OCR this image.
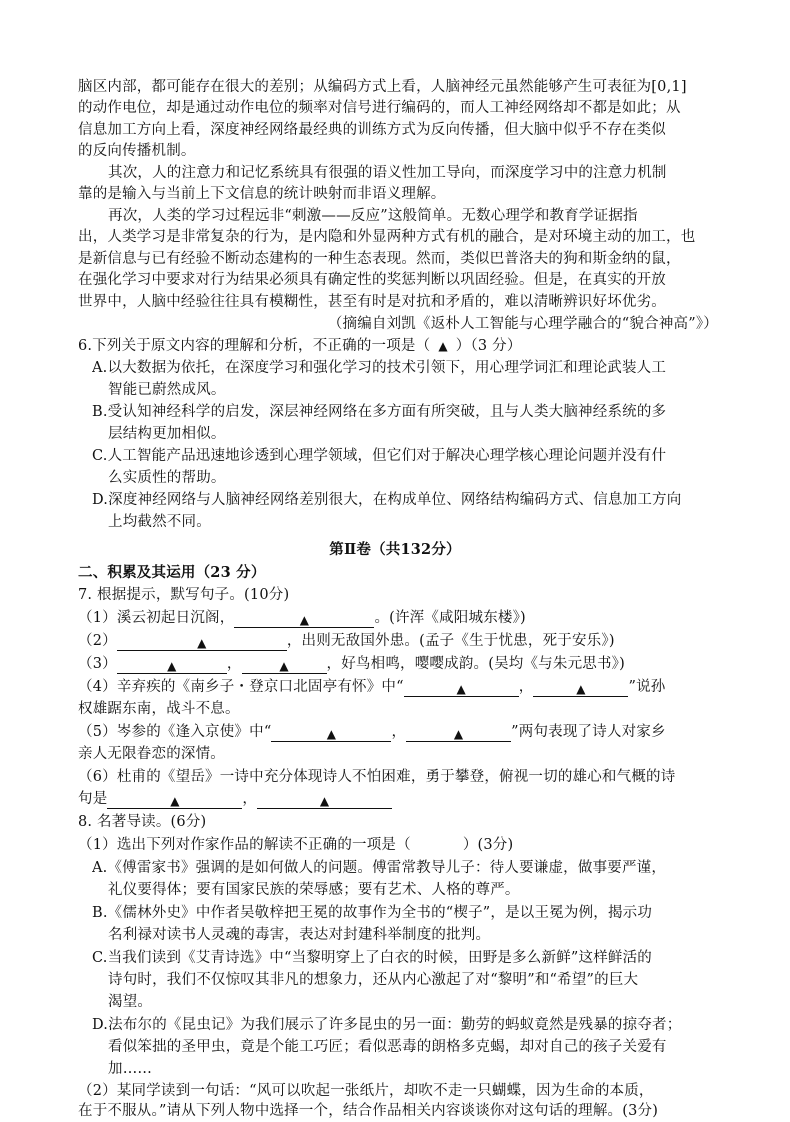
脑区内部，都可能存在很大的差别；从编码方式上看，人脑神经元虽然能够产生可表征为[0,1]
的动作电位，却是通过动作电位的频率对信号进行编码的，而人工神经网络却不都是如此；从
信息加工方向上看，深度神经网络最经典的训练方式为反向传播，但大脑中似乎不存在类似
的反向传播机制。
其次，人的注意力和记忆系统具有很强的语义性加工导向，而深度学习中的注意力机制
靠的是输入与当前上下文信息的统计映射而非语义理解。
再次，人类的学习过程远非“刺激——反应”这般简单。无数心理学和教育学证据指
出，人类学习是非常复杂的行为，是内隐和外显两种方式有机的融合，是对环境主动的加工，也
是新信息与已有经验不断动态建构的一种生态表现。然而，类似巴普洛夫的狗和斯金纳的鼠，
在强化学习中要求对行为结果必须具有确定性的奖惩判断以巩固经验。但是，在真实的开放
世界中，人脑中经验往往具有模糊性，甚至有时是对抗和矛盾的，难以清晰辨识好坏优劣。
（摘编自刘凯《返朴人工智能与心理学融合的“貌合神高”》）
6.下列关于原文内容的理解和分析，不正确的一项是（ ▲ ）（3 分）
A.以大数据为依托，在深度学习和强化学习的技术引领下，用心理学词汇和理论武装人工
智能已蔚然成风。
B.受认知神经科学的启发，深层神经网络在多方面有所突破，且与人类大脑神经系统的多
层结构更加相似。
C.人工智能产品迅速地诊透到心理学领域，但它们对于解决心理学核心理论问题并没有什
么实质性的帮助。
D.深度神经网络与人脑神经网络差别很大，在构成单位、网络结构编码方式、信息加工方向
上均截然不同。
第Ⅱ卷（共132分）
二、积累及其运用（23 分）
7. 根据提示，默写句子。(10分)
（1）溪云初起日沉阁，	▲	。(许浑《咸阳城东楼》)
（2）	▲	，出则无敌国外患。(孟子《生于忧患，死于安乐》)
（3）	▲	，	▲	，好鸟相鸣，嘤嘤成韵。(吴均《与朱元思书》)
（4）辛弃疾的《南乡子・登京口北固亭有怀》中“	▲	，	▲	”说孙
权雄踞东南，战斗不息。
（5）岑参的《逢入京使》中“	▲	，	▲	”两句表现了诗人对家乡
亲人无限眷恋的深情。
（6）杜甫的《望岳》一诗中充分体现诗人不怕困难，勇于攀登，俯视一切的雄心和气概的诗
句是	▲	，	▲
8. 名著导读。(6分)
（1）选出下列对作家作品的解读不正确的一项是（	）(3分)
A.《傅雷家书》强调的是如何做人的问题。傅雷常教导儿子：待人要谦虚，做事要严谨，
礼仪要得体；要有国家民族的荣辱感；要有艺术、人格的尊严。
B.《儒林外史》中作者吴敬梓把王冕的故事作为全书的“楔子”，是以王冕为例，揭示功
名利禄对读书人灵魂的毒害，表达对封建科举制度的批判。
C.当我们读到《艾青诗选》中“当黎明穿上了白衣的时候，田野是多么新鲜”这样鲜活的
诗句时，我们不仅惊叹其非凡的想象力，还从内心激起了对“黎明”和“希望”的巨大
渴望。
D.法布尔的《昆虫记》为我们展示了许多昆虫的另一面：勤劳的蚂蚁竟然是残暴的掠夺者；
看似笨拙的圣甲虫，竟是个能工巧匠；看似恶毒的朗格多克蝎，却对自己的孩子关爱有
加……
（2）某同学读到一句话：“风可以吹起一张纸片，却吹不走一只蝴蝶，因为生命的本质，
在于不服从。”请从下列人物中选择一个，结合作品相关内容谈谈你对这句话的理解。(3分)
